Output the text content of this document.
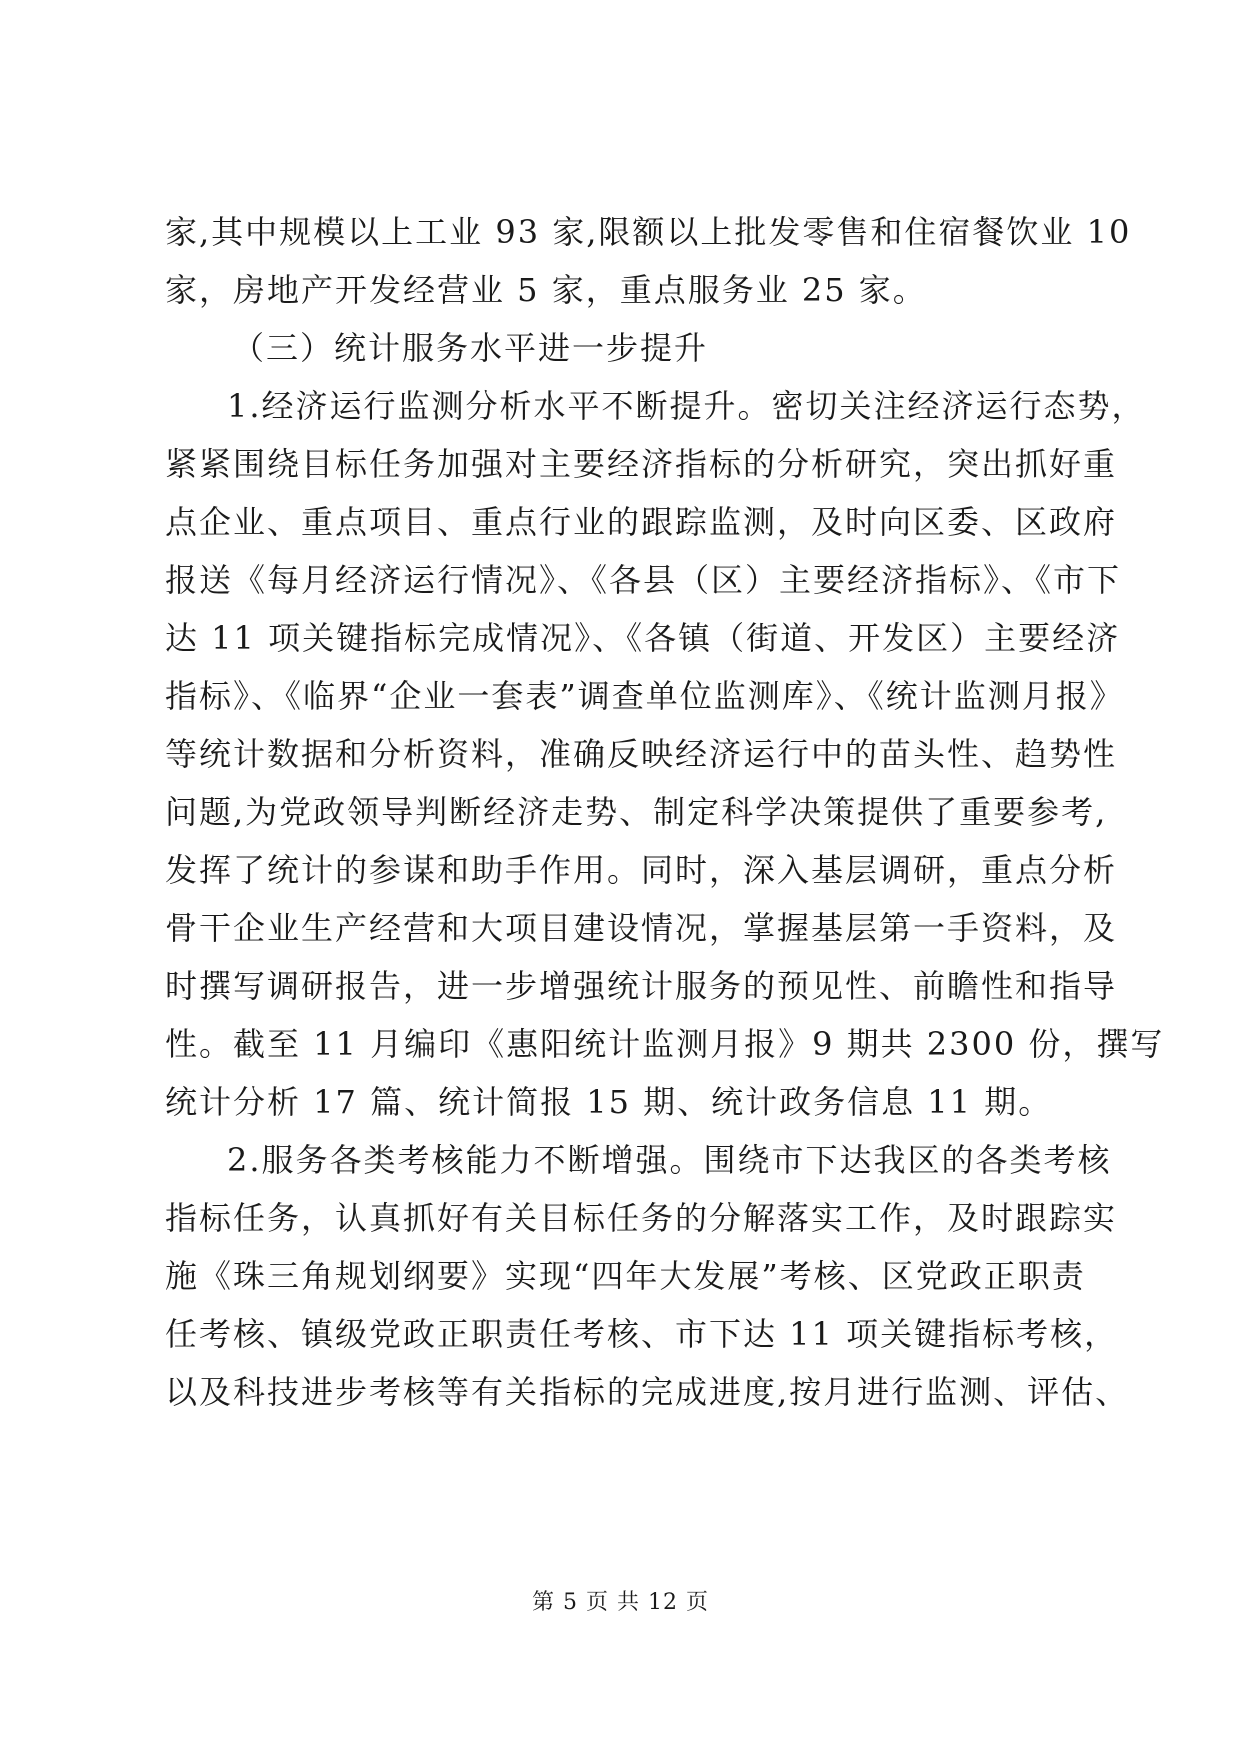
家,其中规模以上工业 93 家,限额以上批发零售和住宿餐饮业 10
家，房地产开发经营业 5 家，重点服务业 25 家。
（三）统计服务水平进一步提升
1.经济运行监测分析水平不断提升。密切关注经济运行态势，
紧紧围绕目标任务加强对主要经济指标的分析研究，突出抓好重
点企业、重点项目、重点行业的跟踪监测，及时向区委、区政府
报送《每月经济运行情况》、《各县（区）主要经济指标》、《市下
达 11 项关键指标完成情况》、《各镇（街道、开发区）主要经济
指标》、《临界“企业一套表”调查单位监测库》、《统计监测月报》
等统计数据和分析资料，准确反映经济运行中的苗头性、趋势性
问题,为党政领导判断经济走势、制定科学决策提供了重要参考,
发挥了统计的参谋和助手作用。同时，深入基层调研，重点分析
骨干企业生产经营和大项目建设情况，掌握基层第一手资料，及
时撰写调研报告，进一步增强统计服务的预见性、前瞻性和指导
性。截至 11 月编印《惠阳统计监测月报》9 期共 2300 份，撰写
统计分析 17 篇、统计简报 15 期、统计政务信息 11 期。
2.服务各类考核能力不断增强。围绕市下达我区的各类考核
指标任务，认真抓好有关目标任务的分解落实工作，及时跟踪实
施《珠三角规划纲要》实现“四年大发展”考核、区党政正职责
任考核、镇级党政正职责任考核、市下达 11 项关键指标考核，
以及科技进步考核等有关指标的完成进度,按月进行监测、评估、
第 5 页 共 12 页
